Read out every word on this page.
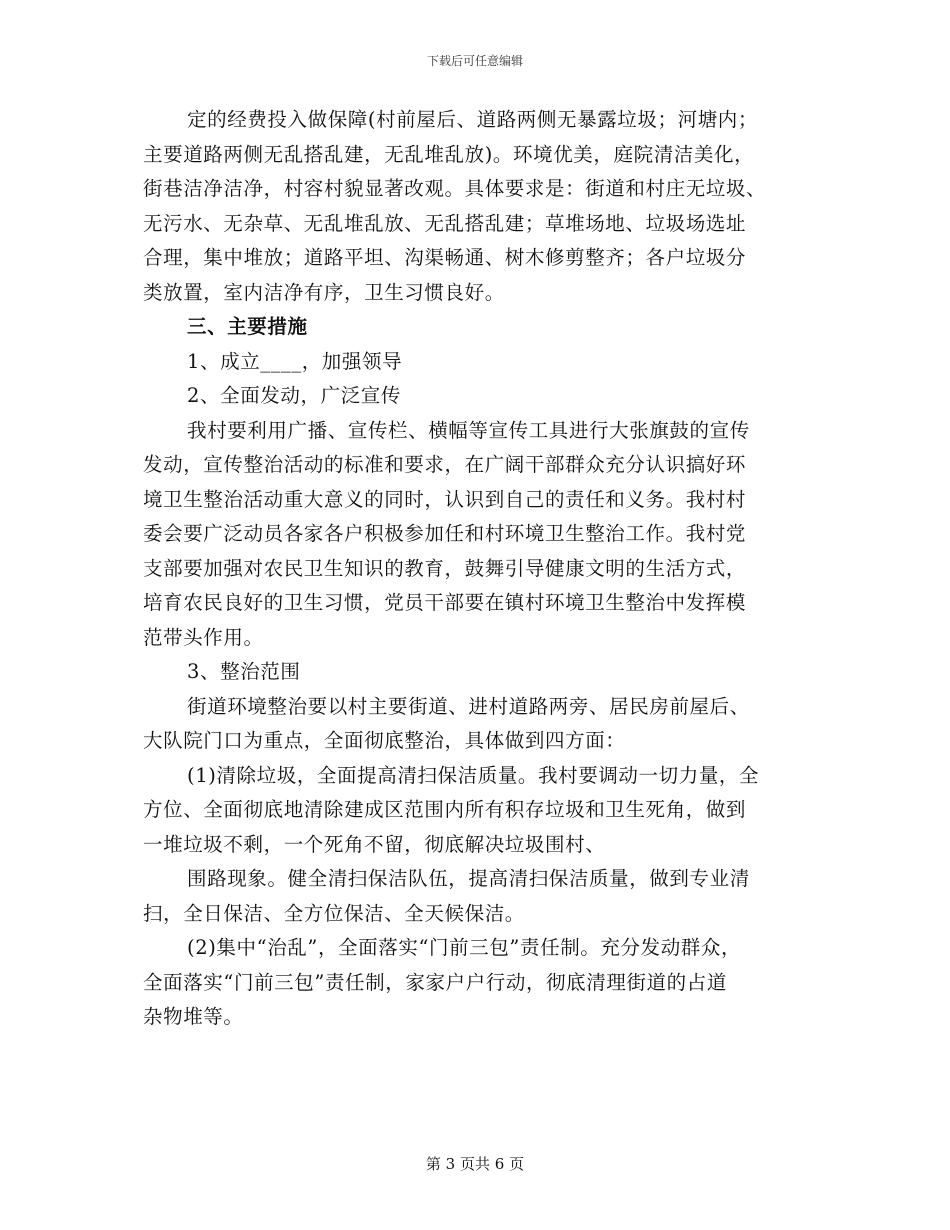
下载后可任意编辑
定的经费投入做保障(村前屋后、道路两侧无暴露垃圾；河塘内；
主要道路两侧无乱搭乱建，无乱堆乱放)。环境优美，庭院清洁美化，
街巷洁净洁净，村容村貌显著改观。具体要求是：街道和村庄无垃圾、
无污水、无杂草、无乱堆乱放、无乱搭乱建；草堆场地、垃圾场选址
合理，集中堆放；道路平坦、沟渠畅通、树木修剪整齐；各户垃圾分
类放置，室内洁净有序，卫生习惯良好。
三、主要措施
1、成立____，加强领导
2、全面发动，广泛宣传
我村要利用广播、宣传栏、横幅等宣传工具进行大张旗鼓的宣传
发动，宣传整治活动的标准和要求，在广阔干部群众充分认识搞好环
境卫生整治活动重大意义的同时，认识到自己的责任和义务。我村村
委会要广泛动员各家各户积极参加任和村环境卫生整治工作。我村党
支部要加强对农民卫生知识的教育，鼓舞引导健康文明的生活方式，
培育农民良好的卫生习惯，党员干部要在镇村环境卫生整治中发挥模
范带头作用。
3、整治范围
街道环境整治要以村主要街道、进村道路两旁、居民房前屋后、
大队院门口为重点，全面彻底整治，具体做到四方面：
(1)清除垃圾，全面提高清扫保洁质量。我村要调动一切力量，全
方位、全面彻底地清除建成区范围内所有积存垃圾和卫生死角，做到
一堆垃圾不剩，一个死角不留，彻底解决垃圾围村、
围路现象。健全清扫保洁队伍，提高清扫保洁质量，做到专业清
扫，全日保洁、全方位保洁、全天候保洁。
(2)集中“治乱”，全面落实“门前三包”责任制。充分发动群众，
全面落实“门前三包”责任制，家家户户行动，彻底清理街道的占道
杂物堆等。
第 3 页共 6 页
